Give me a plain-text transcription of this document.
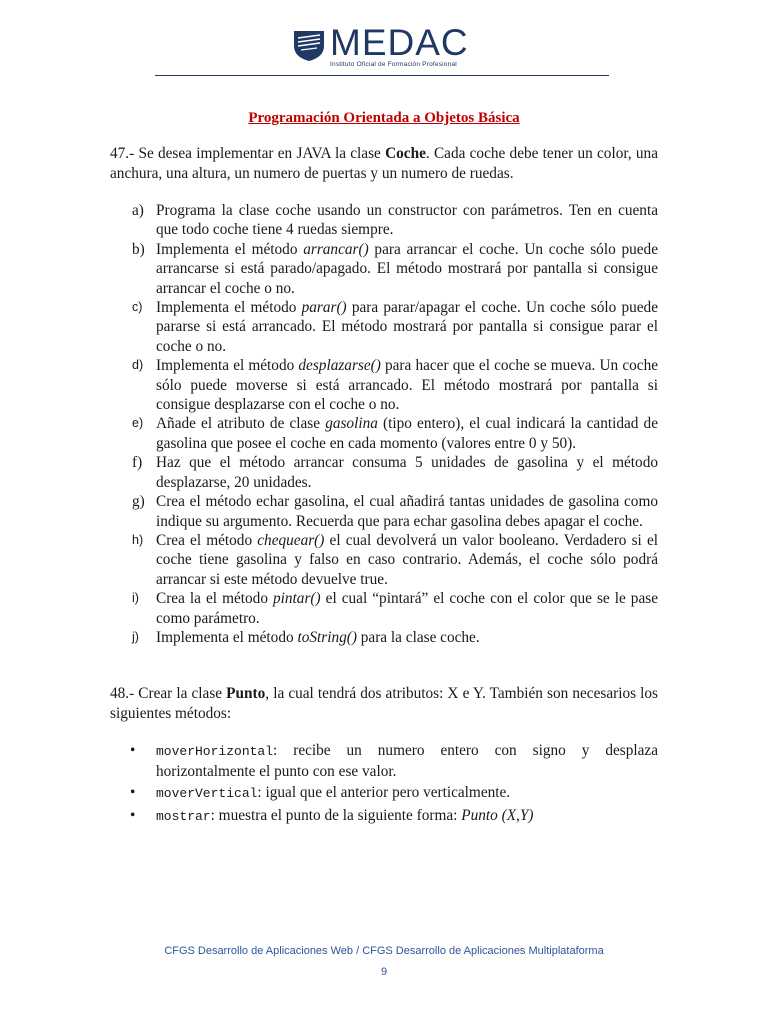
MEDAC
Instituto Oficial de Formación Profesional
Programación Orientada a Objetos Básica
47.- Se desea implementar en JAVA la clase Coche. Cada coche debe tener un color, una anchura, una altura, un numero de puertas y un numero de ruedas.
a) Programa la clase coche usando un constructor con parámetros. Ten en cuenta que todo coche tiene 4 ruedas siempre.
b) Implementa el método arrancar() para arrancar el coche. Un coche sólo puede arrancarse si está parado/apagado. El método mostrará por pantalla si consigue arrancar el coche o no.
c) Implementa el método parar() para parar/apagar el coche. Un coche sólo puede pararse si está arrancado. El método mostrará por pantalla si consigue parar el coche o no.
d) Implementa el método desplazarse() para hacer que el coche se mueva. Un coche sólo puede moverse si está arrancado. El método mostrará por pantalla si consigue desplazarse con el coche o no.
e) Añade el atributo de clase gasolina (tipo entero), el cual indicará la cantidad de gasolina que posee el coche en cada momento (valores entre 0 y 50).
f) Haz que el método arrancar consuma 5 unidades de gasolina y el método desplazarse, 20 unidades.
g) Crea el método echar gasolina, el cual añadirá tantas unidades de gasolina como indique su argumento. Recuerda que para echar gasolina debes apagar el coche.
h) Crea el método chequear() el cual devolverá un valor booleano. Verdadero si el coche tiene gasolina y falso en caso contrario. Además, el coche sólo podrá arrancar si este método devuelve true.
i)	Crea la el método pintar() el cual “pintará” el coche con el color que se le pase como parámetro.
j)	Implementa el método toString() para la clase coche.
48.- Crear la clase Punto, la cual tendrá dos atributos: X e Y. También son necesarios los siguientes métodos:
•	moverHorizontal: recibe un numero entero con signo y desplaza horizontalmente el punto con ese valor.
•	moverVertical: igual que el anterior pero verticalmente.
•	mostrar: muestra el punto de la siguiente forma: Punto (X,Y)
CFGS Desarrollo de Aplicaciones Web / CFGS Desarrollo de Aplicaciones Multiplataforma
9
